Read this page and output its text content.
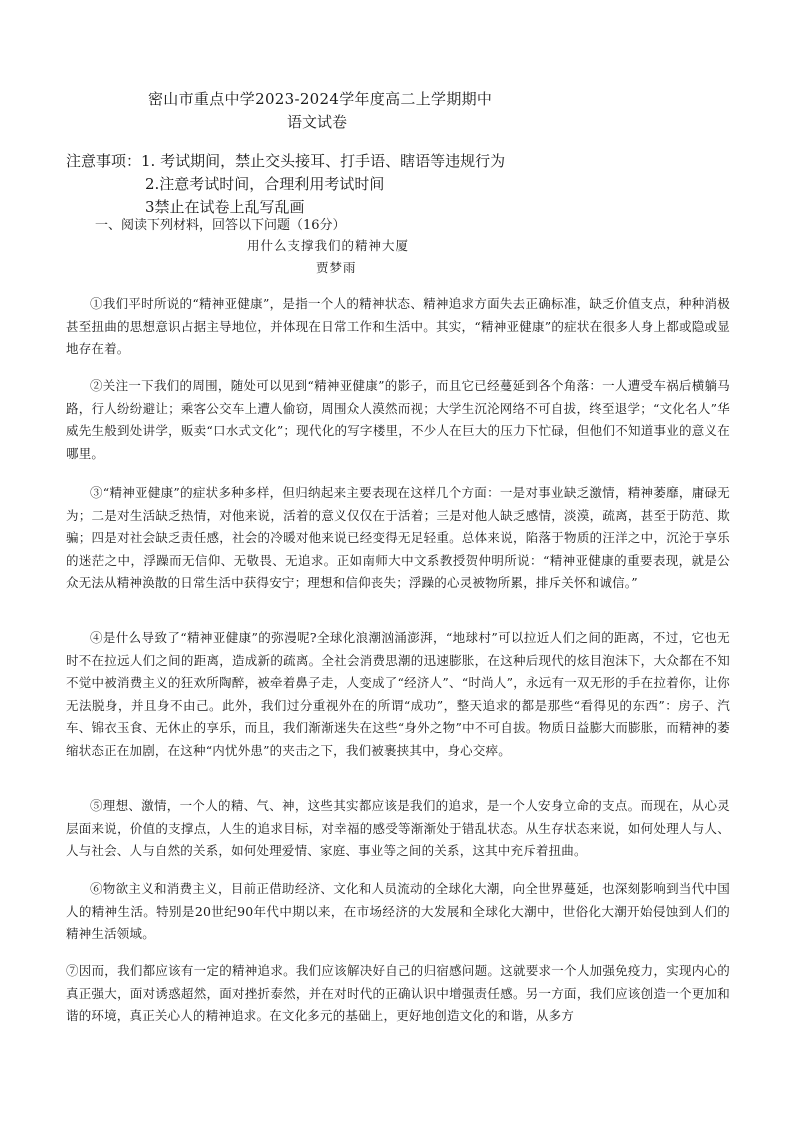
密山市重点中学2023-2024学年度高二上学期期中
语文试卷
注意事项：1. 考试期间，禁止交头接耳、打手语、瞎语等违规行为
2.注意考试时间，合理利用考试时间
3禁止在试卷上乱写乱画
一、阅读下列材料，回答以下问题（16分）
用什么支撑我们的精神大厦
贾梦雨

①我们平时所说的“精神亚健康”，是指一个人的精神状态、精神追求方面失去正确标准，缺乏价值支点，种种消极甚至扭曲的思想意识占据主导地位，并体现在日常工作和生活中。其实，“精神亚健康”的症状在很多人身上都或隐或显地存在着。

②关注一下我们的周围，随处可以见到“精神亚健康”的影子，而且它已经蔓延到各个角落：一人遭受车祸后横躺马路，行人纷纷避让；乘客公交车上遭人偷窃，周围众人漠然而视；大学生沉沦网络不可自拔，终至退学；“文化名人”华威先生般到处讲学，贩卖“口水式文化”；现代化的写字楼里，不少人在巨大的压力下忙碌，但他们不知道事业的意义在哪里。

③“精神亚健康”的症状多种多样，但归纳起来主要表现在这样几个方面：一是对事业缺乏激情，精神萎靡，庸碌无为；二是对生活缺乏热情，对他来说，活着的意义仅仅在于活着；三是对他人缺乏感情，淡漠，疏离，甚至于防范、欺骗；四是对社会缺乏责任感，社会的冷暖对他来说已经变得无足轻重。总体来说，陷落于物质的汪洋之中，沉沦于享乐的迷茫之中，浮躁而无信仰、无敬畏、无追求。正如南师大中文系教授贺仲明所说：“精神亚健康的重要表现，就是公众无法从精神涣散的日常生活中获得安宁；理想和信仰丧失；浮躁的心灵被物所累，排斥关怀和诚信。”

④是什么导致了“精神亚健康”的弥漫呢?全球化浪潮汹涌澎湃，“地球村”可以拉近人们之间的距离，不过，它也无时不在拉远人们之间的距离，造成新的疏离。全社会消费思潮的迅速膨胀，在这种后现代的炫目泡沫下，大众都在不知不觉中被消费主义的狂欢所陶醉，被牵着鼻子走，人变成了“经济人”、“时尚人”，永远有一双无形的手在拉着你，让你无法脱身，并且身不由己。此外，我们过分重视外在的所谓“成功”，整天追求的都是那些“看得见的东西”：房子、汽车、锦衣玉食、无休止的享乐，而且，我们渐渐迷失在这些“身外之物”中不可自拔。物质日益膨大而膨胀，而精神的萎缩状态正在加剧，在这种“内忧外患”的夹击之下，我们被裹挟其中，身心交瘁。

⑤理想、激情，一个人的精、气、神，这些其实都应该是我们的追求，是一个人安身立命的支点。而现在，从心灵层面来说，价值的支撑点，人生的追求目标，对幸福的感受等渐渐处于错乱状态。从生存状态来说，如何处理人与人、人与社会、人与自然的关系，如何处理爱情、家庭、事业等之间的关系，这其中充斥着扭曲。

⑥物欲主义和消费主义，目前正借助经济、文化和人员流动的全球化大潮，向全世界蔓延，也深刻影响到当代中国人的精神生活。特别是20世纪90年代中期以来，在市场经济的大发展和全球化大潮中，世俗化大潮开始侵蚀到人们的精神生活领域。

⑦因而，我们都应该有一定的精神追求。我们应该解决好自己的归宿感问题。这就要求一个人加强免疫力，实现内心的真正强大，面对诱惑超然，面对挫折泰然，并在对时代的正确认识中增强责任感。另一方面，我们应该创造一个更加和谐的环境，真正关心人的精神追求。在文化多元的基础上，更好地创造文化的和谐，从多方
